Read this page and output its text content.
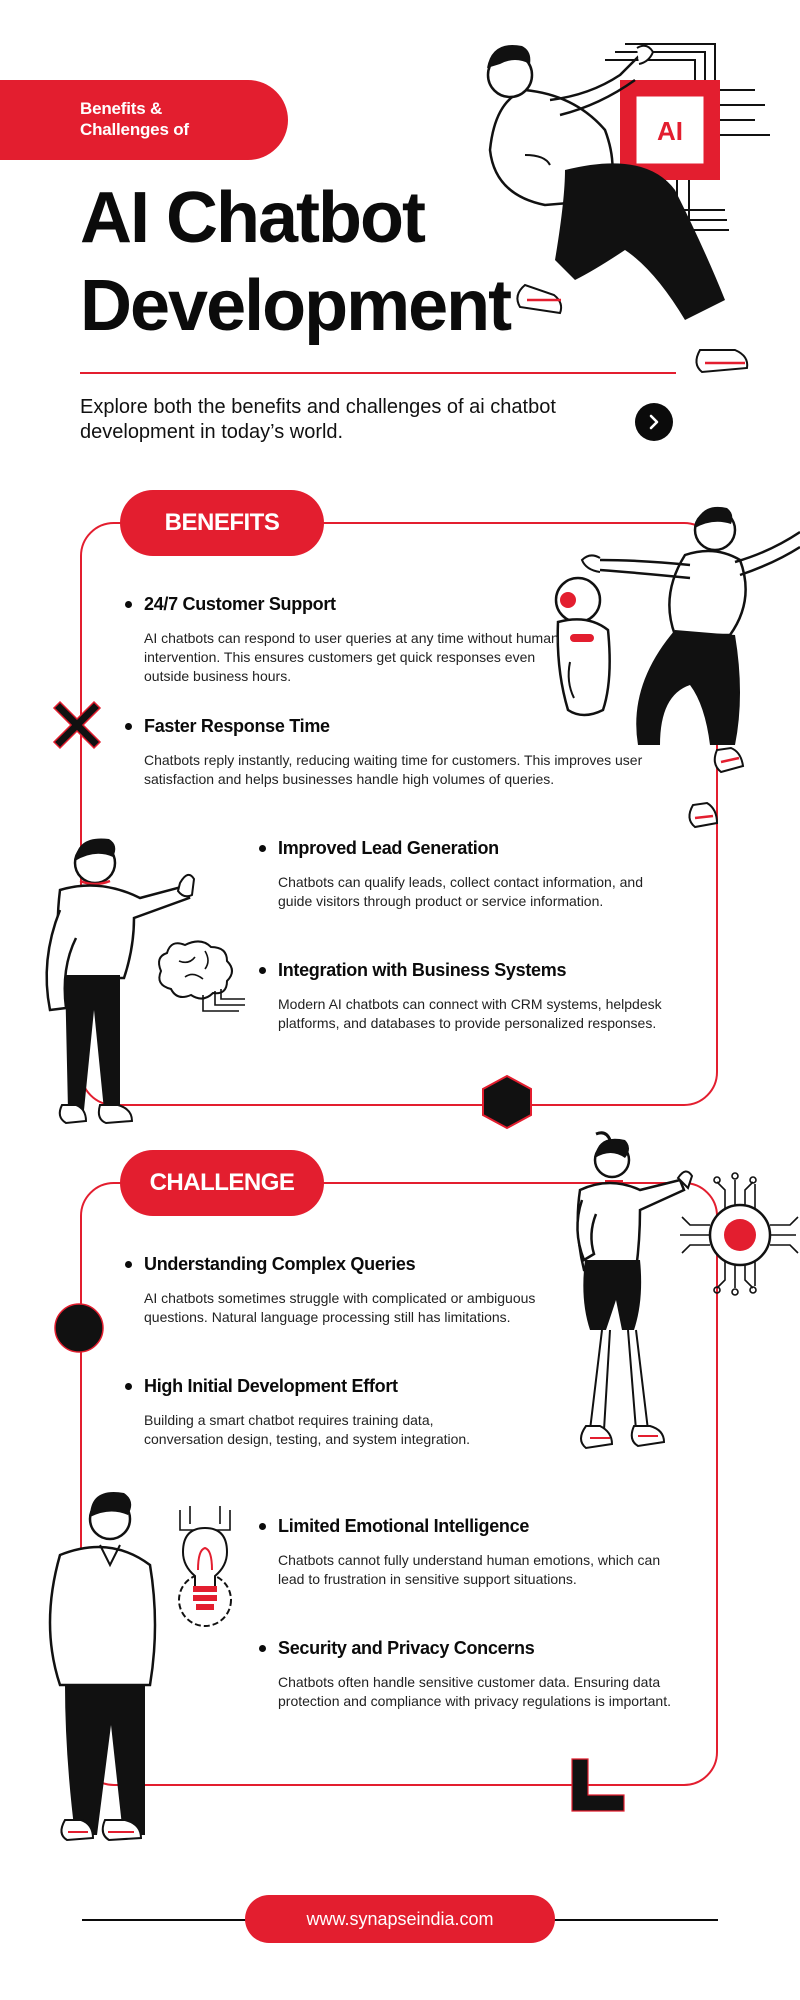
Benefits &
Challenges of
AI Chatbot
Development
AI
Explore both the benefits and challenges of ai chatbot development in today’s world.
BENEFITS
24/7 Customer Support
AI chatbots can respond to user queries at any time without human intervention. This ensures customers get quick responses even outside business hours.
Faster Response Time
Chatbots reply instantly, reducing waiting time for customers. This improves user satisfaction and helps businesses handle high volumes of queries.
Improved Lead Generation
Chatbots can qualify leads, collect contact information, and guide visitors through product or service information.
Integration with Business Systems
Modern AI chatbots can connect with CRM systems, helpdesk platforms, and databases to provide personalized responses.
CHALLENGE
Understanding Complex Queries
AI chatbots sometimes struggle with complicated or ambiguous questions. Natural language processing still has limitations.
High Initial Development Effort
Building a smart chatbot requires training data, conversation design, testing, and system integration.
Limited Emotional Intelligence
Chatbots cannot fully understand human emotions, which can lead to frustration in sensitive support situations.
Security and Privacy Concerns
Chatbots often handle sensitive customer data. Ensuring data protection and compliance with privacy regulations is important.
www.synapseindia.com
